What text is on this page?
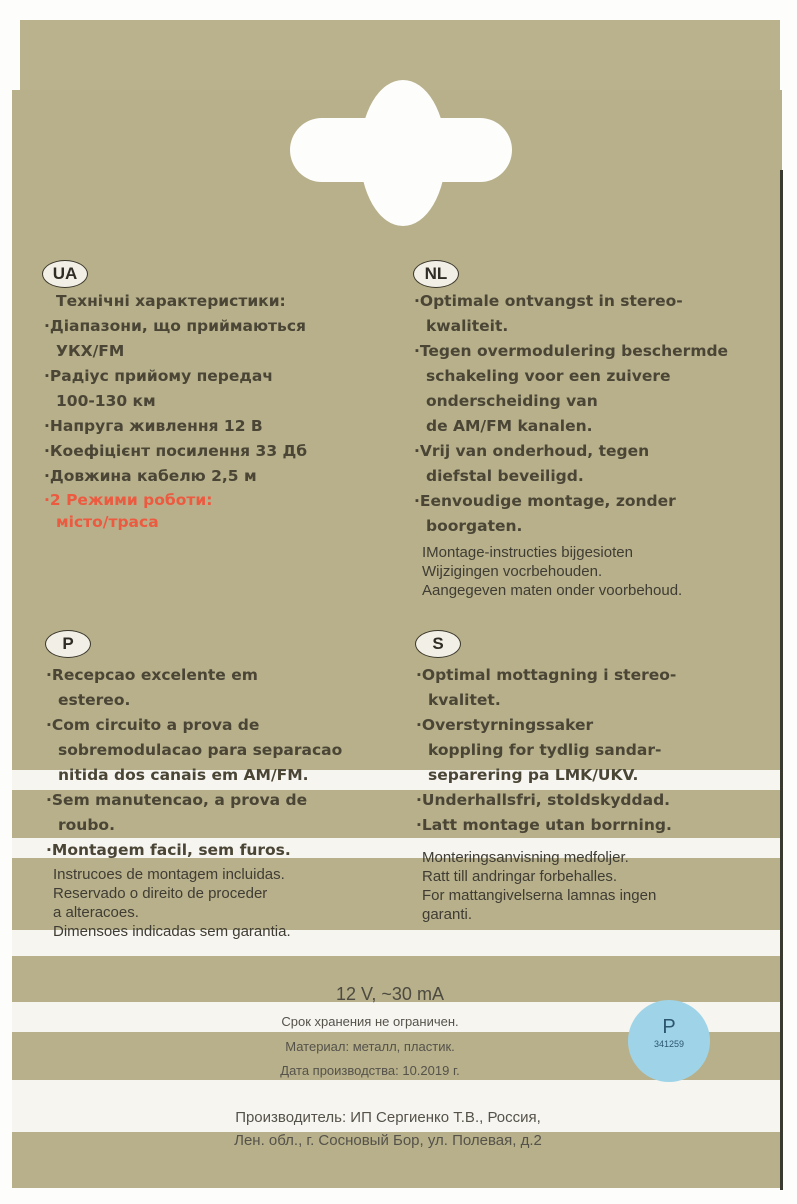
UA
Технічні характеристики:
·Діапазони, що приймаються
УКХ/FM
·Радіус прийому передач
100-130 км
·Напруга живлення 12 В
·Коефіцієнт посилення 33 Дб
·Довжина кабелю 2,5 м
·2 Режими роботи:
місто/траса
NL
·Optimale ontvangst in stereo-
kwaliteit.
·Tegen overmodulering beschermde
schakeling voor een zuivere
onderscheiding van
de AM/FM kanalen.
·Vrij van onderhoud, tegen
diefstal beveiligd.
·Eenvoudige montage, zonder
boorgaten.
IMontage-instructies bijgesioten
Wijzigingen vocrbehouden.
Aangegeven maten onder voorbehoud.
P
·Recepcao excelente em
estereo.
·Com circuito a prova de
sobremodulacao para separacao
nitida dos canais em AM/FM.
·Sem manutencao, a prova de
roubo.
·Montagem facil, sem furos.
Instrucoes de montagem incluidas.
Reservado o direito de proceder
a alteracoes.
Dimensoes indicadas sem garantia.
S
·Optimal mottagning i stereo-
kvalitet.
·Overstyrningssaker
koppling for tydlig sandar-
separering pa LMK/UKV.
·Underhallsfri, stoldskyddad.
·Latt montage utan borrning.
Monteringsanvisning medfoljer.
Ratt till andringar forbehalles.
For mattangivelserna lamnas ingen
garanti.
12 V, ~30 mA
Срок хранения не ограничен.
Материал: металл, пластик.
Дата производства: 10.2019 г.
Производитель: ИП Сергиенко Т.В., Россия,
Лен. обл., г. Сосновый Бор, ул. Полевая, д.2
P
341259
